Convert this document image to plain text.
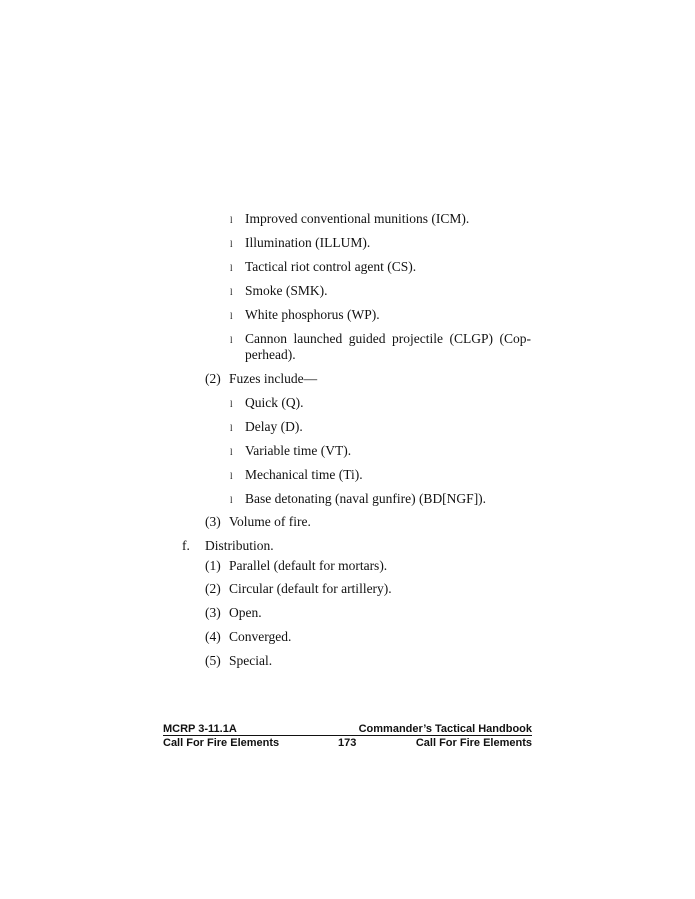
l Improved conventional munitions (ICM).
l Illumination (ILLUM).
l Tactical riot control agent (CS).
l Smoke (SMK).
l White phosphorus (WP).
l Cannon launched guided projectile (CLGP) (Cop-
perhead).
(2) Fuzes include—
l Quick (Q).
l Delay (D).
l Variable time (VT).
l Mechanical time (Ti).
l Base detonating (naval gunfire) (BD[NGF]).
(3) Volume of fire.
f. Distribution.
(1) Parallel (default for mortars).
(2) Circular (default for artillery).
(3) Open.
(4) Converged.
(5) Special.
MCRP 3-11.1A	Commander’s Tactical Handbook
Call For Fire Elements	173	Call For Fire Elements
